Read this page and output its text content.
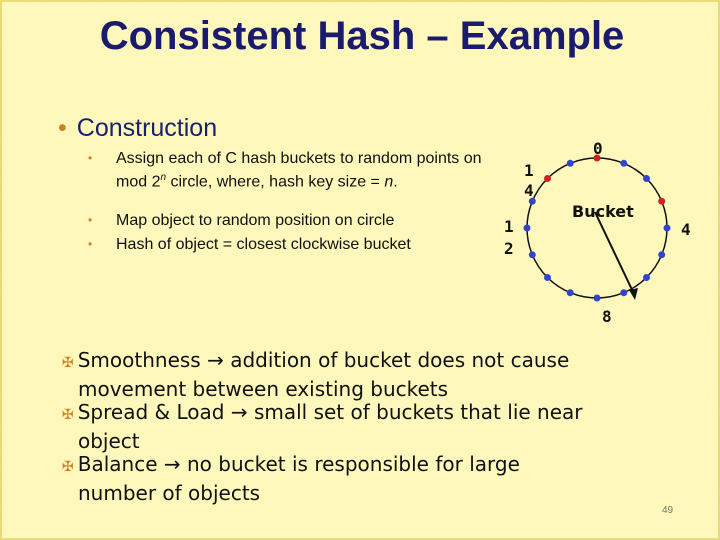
Consistent Hash – Example
• Construction
• Assign each of C hash buckets to random points on mod 2$^n$ circle, where, hash key size = n.
• Map object to random position on circle
• Hash of object = closest clockwise bucket
0
4
8
1
2
1
4
Bucket
✠ Smoothness → addition of bucket does not cause
movement between existing buckets
✠ Spread & Load → small set of buckets that lie near
object
✠ Balance → no bucket is responsible for large
number of objects
49
